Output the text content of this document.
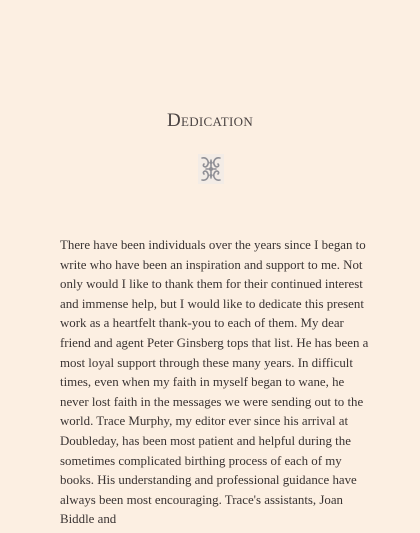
Dedication
There have been individuals over the years since I began to write who have been an inspiration and support to me. Not only would I like to thank them for their continued interest and immense help, but I would like to dedicate this present work as a heartfelt thank-you to each of them. My dear friend and agent Peter Ginsberg tops that list. He has been a most loyal support through these many years. In difficult times, even when my faith in myself began to wane, he never lost faith in the messages we were sending out to the world. Trace Murphy, my editor ever since his arrival at Doubleday, has been most patient and helpful during the sometimes complicated birthing process of each of my books. His understanding and professional guidance have always been most encouraging. Trace's assistants, Joan Biddle and
